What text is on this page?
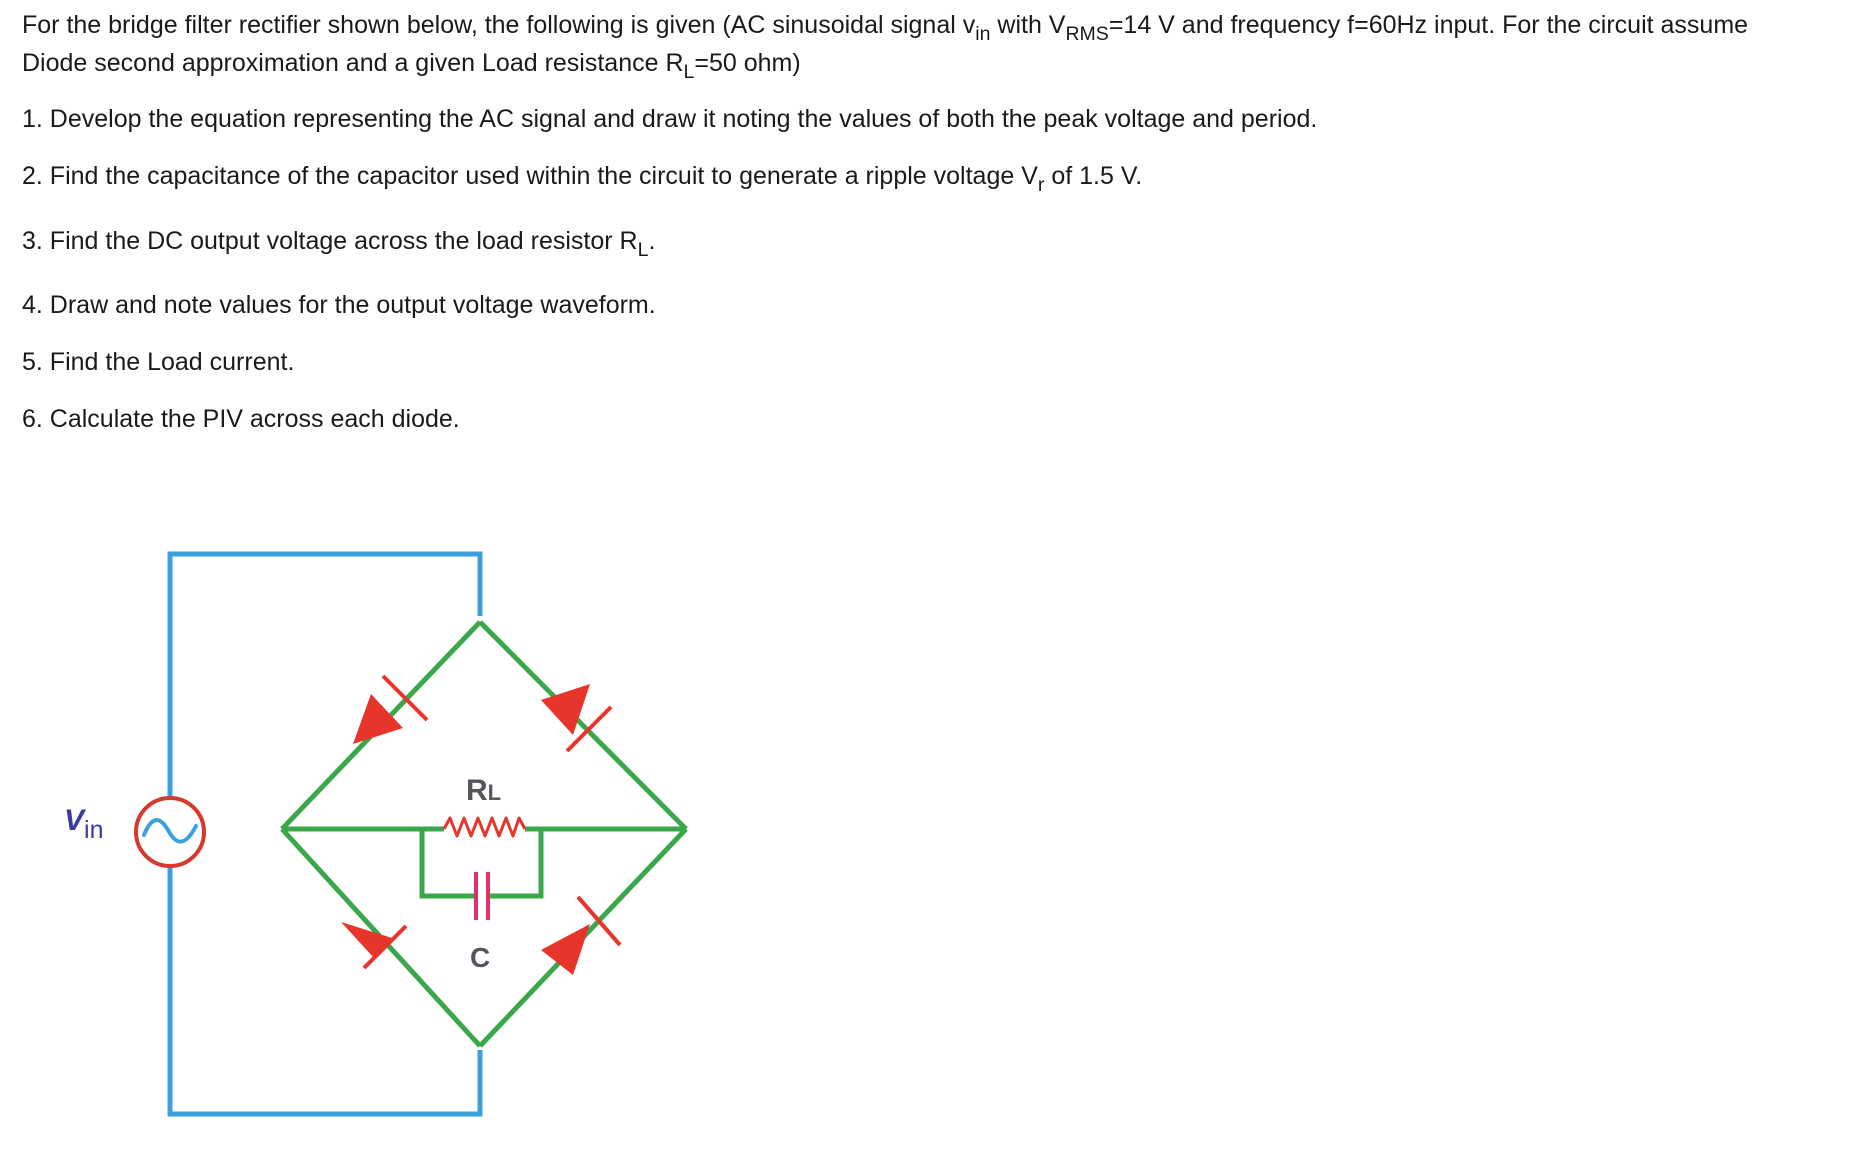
For the bridge filter rectifier shown below, the following is given (AC sinusoidal signal $v_{in}$ with $V_{RMS}=14$ V and frequency f=60Hz input. For the circuit assume
Diode second approximation and a given Load resistance $R_L=50$ ohm)

1. Develop the equation representing the AC signal and draw it noting the values of both the peak voltage and period.

2. Find the capacitance of the capacitor used within the circuit to generate a ripple voltage $V_r$ of 1.5 V.

3. Find the DC output voltage across the load resistor $R_L$.

4. Draw and note values for the output voltage waveform.

5. Find the Load current.

6. Calculate the PIV across each diode.

$V_{in}$
RL
C
